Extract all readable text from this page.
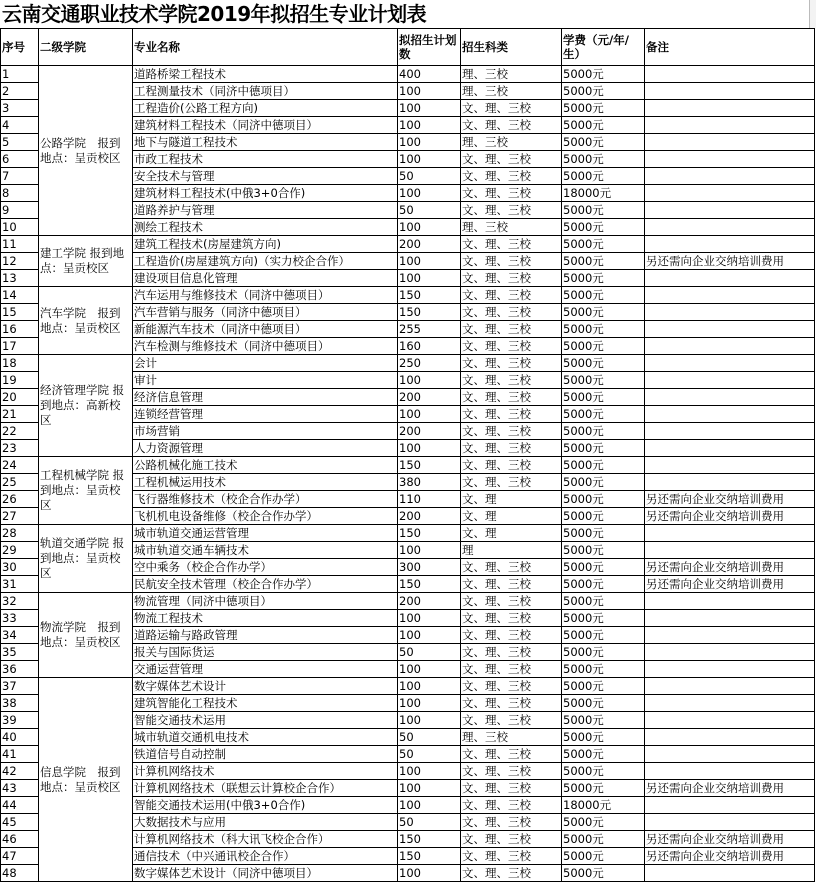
云南交通职业技术学院2019年拟招生专业计划表
序号	二级学院	专业名称	拟招生计划数	招生科类	学费（元/年/生）	备注
1	公路学院　报到地点：呈贡校区	道路桥梁工程技术	400	理、三校	5000元	
2		工程测量技术（同济中德项目）	100	理、三校	5000元	
3		工程造价(公路工程方向)	100	文、理、三校	5000元	
4		建筑材料工程技术（同济中德项目）	100	文、理、三校	5000元	
5		地下与隧道工程技术	100	理、三校	5000元	
6		市政工程技术	100	文、理、三校	5000元	
7		安全技术与管理	50	文、理、三校	5000元	
8		建筑材料工程技术(中俄3+0合作)	100	文、理、三校	18000元	
9		道路养护与管理	50	文、理、三校	5000元	
10		测绘工程技术	100	理、三校	5000元	
11	建工学院 报到地点：呈贡校区	建筑工程技术(房屋建筑方向)	200	文、理、三校	5000元	
12		工程造价(房屋建筑方向)（实力校企合作）	100	文、理、三校	5000元	另还需向企业交纳培训费用
13		建设项目信息化管理	100	文、理、三校	5000元	
14	汽车学院　报到地点：呈贡校区	汽车运用与维修技术（同济中德项目）	150	文、理、三校	5000元	
15		汽车营销与服务（同济中德项目）	150	文、理、三校	5000元	
16		新能源汽车技术（同济中德项目）	255	文、理、三校	5000元	
17		汽车检测与维修技术（同济中德项目）	160	文、理、三校	5000元	
18	经济管理学院 报到地点：高新校区	会计	250	文、理、三校	5000元	
19		审计	100	文、理、三校	5000元	
20		经济信息管理	200	文、理、三校	5000元	
21		连锁经营管理	100	文、理、三校	5000元	
22		市场营销	200	文、理、三校	5000元	
23		人力资源管理	100	文、理、三校	5000元	
24	工程机械学院 报到地点：呈贡校区	公路机械化施工技术	150	文、理、三校	5000元	
25		工程机械运用技术	380	文、理、三校	5000元	
26		飞行器维修技术（校企合作办学）	110	文、理	5000元	另还需向企业交纳培训费用
27		飞机机电设备维修（校企合作办学）	200	文、理	5000元	另还需向企业交纳培训费用
28	轨道交通学院 报到地点：呈贡校区	城市轨道交通运营管理	150	文、理	5000元	
29		城市轨道交通车辆技术	100	理	5000元	
30		空中乘务（校企合作办学）	300	文、理、三校	5000元	另还需向企业交纳培训费用
31		民航安全技术管理（校企合作办学）	150	文、理、三校	5000元	另还需向企业交纳培训费用
32	物流学院　报到地点：呈贡校区	物流管理（同济中德项目）	200	文、理、三校	5000元	
33		物流工程技术	100	文、理、三校	5000元	
34		道路运输与路政管理	100	文、理、三校	5000元	
35		报关与国际货运	50	文、理、三校	5000元	
36		交通运营管理	100	文、理、三校	5000元	
37	信息学院　报到地点：呈贡校区	数字媒体艺术设计	100	文、理、三校	5000元	
38		建筑智能化工程技术	100	文、理、三校	5000元	
39		智能交通技术运用	100	文、理、三校	5000元	
40		城市轨道交通机电技术	50	理、三校	5000元	
41		铁道信号自动控制	50	文、理、三校	5000元	
42		计算机网络技术	100	文、理、三校	5000元	
43		计算机网络技术（联想云计算校企合作）	100	文、理、三校	5000元	另还需向企业交纳培训费用
44		智能交通技术运用(中俄3+0合作)	100	文、理、三校	18000元	
45		大数据技术与应用	50	文、理、三校	5000元	
46		计算机网络技术（科大讯飞校企合作）	150	文、理、三校	5000元	另还需向企业交纳培训费用
47		通信技术（中兴通讯校企合作）	150	文、理、三校	5000元	另还需向企业交纳培训费用
48		数字媒体艺术设计（同济中德项目）	100	文、理、三校	5000元	
